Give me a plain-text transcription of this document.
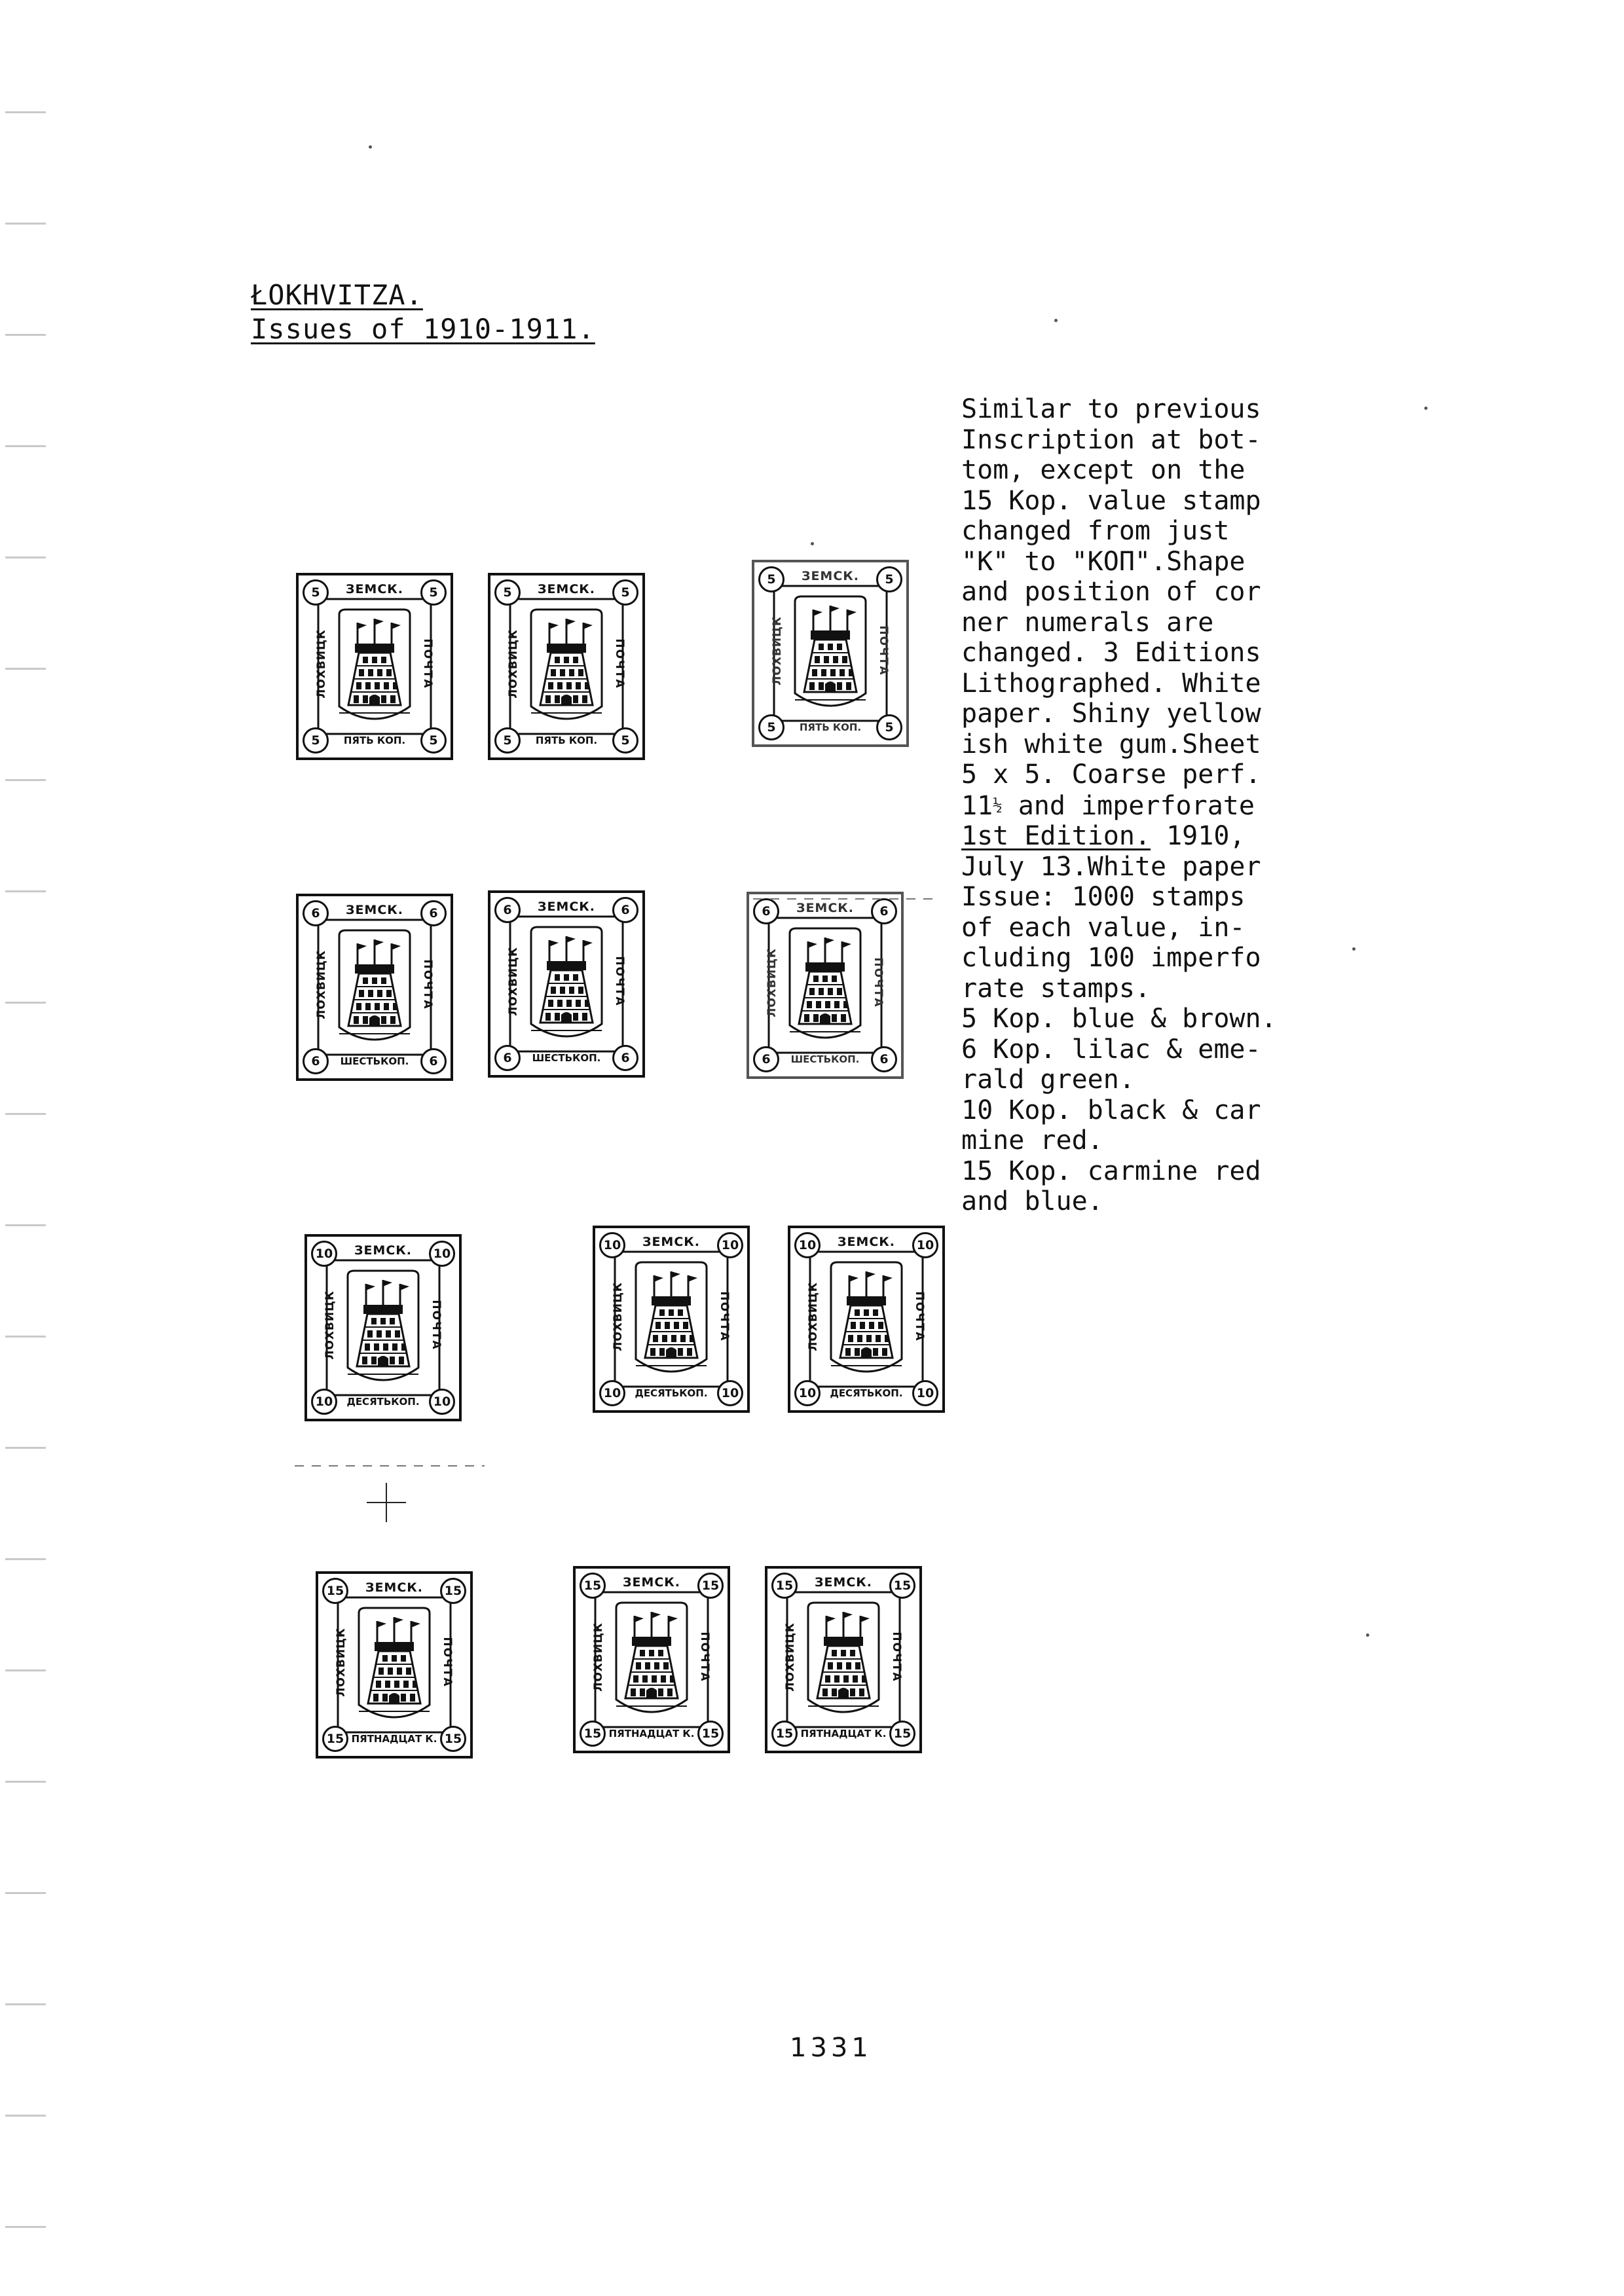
ŁOKHVITZA.
Issues of 1910-1911.
Similar to previous
Inscription at bot-
tom, except on the
15 Kop. value stamp
changed from just
"K" to "КОП".Shape
and position of cor
ner numerals are
changed. 3 Editions
Lithographed. White
paper. Shiny yellow
ish white gum.Sheet
5 x 5. Coarse perf.
11½ and imperforate
1st Edition. 1910,
July 13.White paper
Issue: 1000 stamps
of each value, in-
cluding 100 imperfo
rate stamps.
5 Kop. blue & brown.
6 Kop. lilac & eme-
rald green.
10 Kop. black & car
mine red.
15 Kop. carmine red
and blue.
ЗЕМСК.
ПЯТЬ КОП.
ЛОХВИЦК	ПОЧТА
5	5
5	5
ЗЕМСК.
ПЯТЬ КОП.
ЛОХВИЦК	ПОЧТА
5	5
5	5
ЗЕМСК.
ПЯТЬ КОП.
ЛОХВИЦК	ПОЧТА
5	5
5	5
ЗЕМСК.
ШЕСТЬКОП.
ЛОХВИЦК	ПОЧТА
6	6
6	6
ЗЕМСК.
ШЕСТЬКОП.
ЛОХВИЦК	ПОЧТА
6	6
6	6
ЗЕМСК.
ШЕСТЬКОП.
ЛОХВИЦК	ПОЧТА
6	6
6	6
ЗЕМСК.
ДЕСЯТЬКОП.
ЛОХВИЦК	ПОЧТА
10	10
10	10
ЗЕМСК.
ДЕСЯТЬКОП.
ЛОХВИЦК	ПОЧТА
10	10
10	10
ЗЕМСК.
ДЕСЯТЬКОП.
ЛОХВИЦК	ПОЧТА
10	10
10	10
ЗЕМСК.
ПЯТНАДЦАТ К.
ЛОХВИЦК	ПОЧТА
15	15
15	15
ЗЕМСК.
ПЯТНАДЦАТ К.
ЛОХВИЦК	ПОЧТА
15	15
15	15
ЗЕМСК.
ПЯТНАДЦАТ К.
ЛОХВИЦК	ПОЧТА
15	15
15	15
1331
